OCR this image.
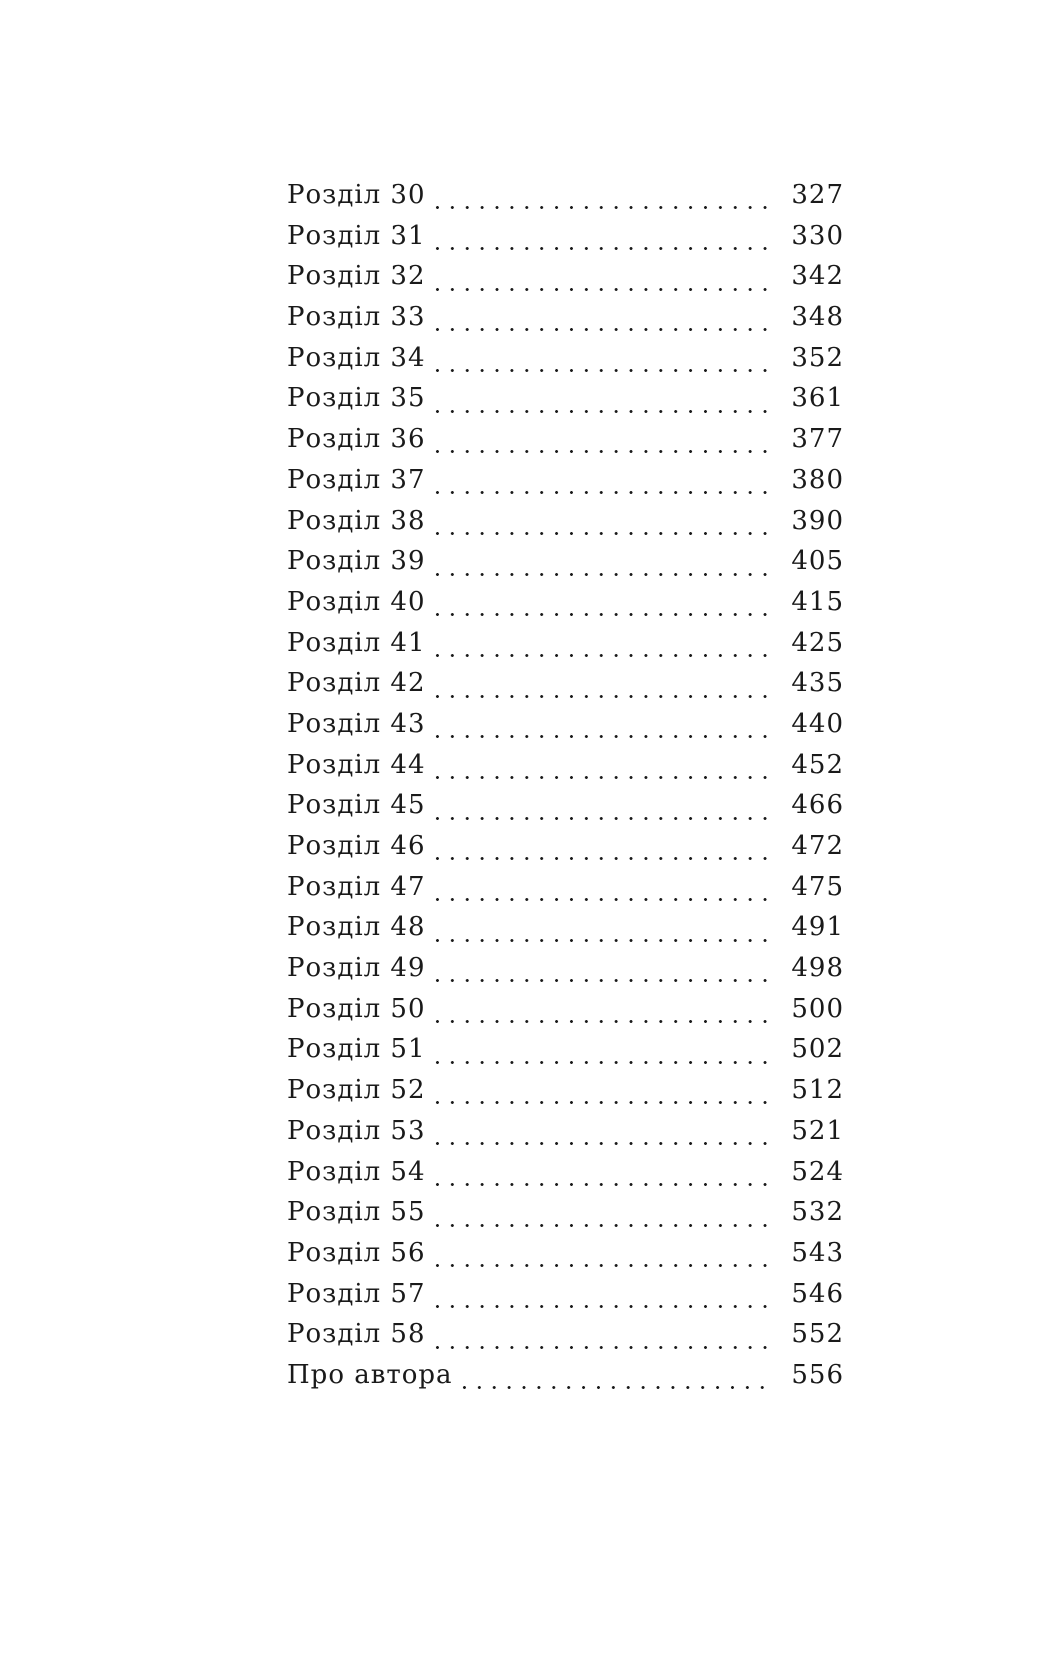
Розділ 30	327
Розділ 31	330
Розділ 32	342
Розділ 33	348
Розділ 34	352
Розділ 35	361
Розділ 36	377
Розділ 37	380
Розділ 38	390
Розділ 39	405
Розділ 40	415
Розділ 41	425
Розділ 42	435
Розділ 43	440
Розділ 44	452
Розділ 45	466
Розділ 46	472
Розділ 47	475
Розділ 48	491
Розділ 49	498
Розділ 50	500
Розділ 51	502
Розділ 52	512
Розділ 53	521
Розділ 54	524
Розділ 55	532
Розділ 56	543
Розділ 57	546
Розділ 58	552
Про автора	556
